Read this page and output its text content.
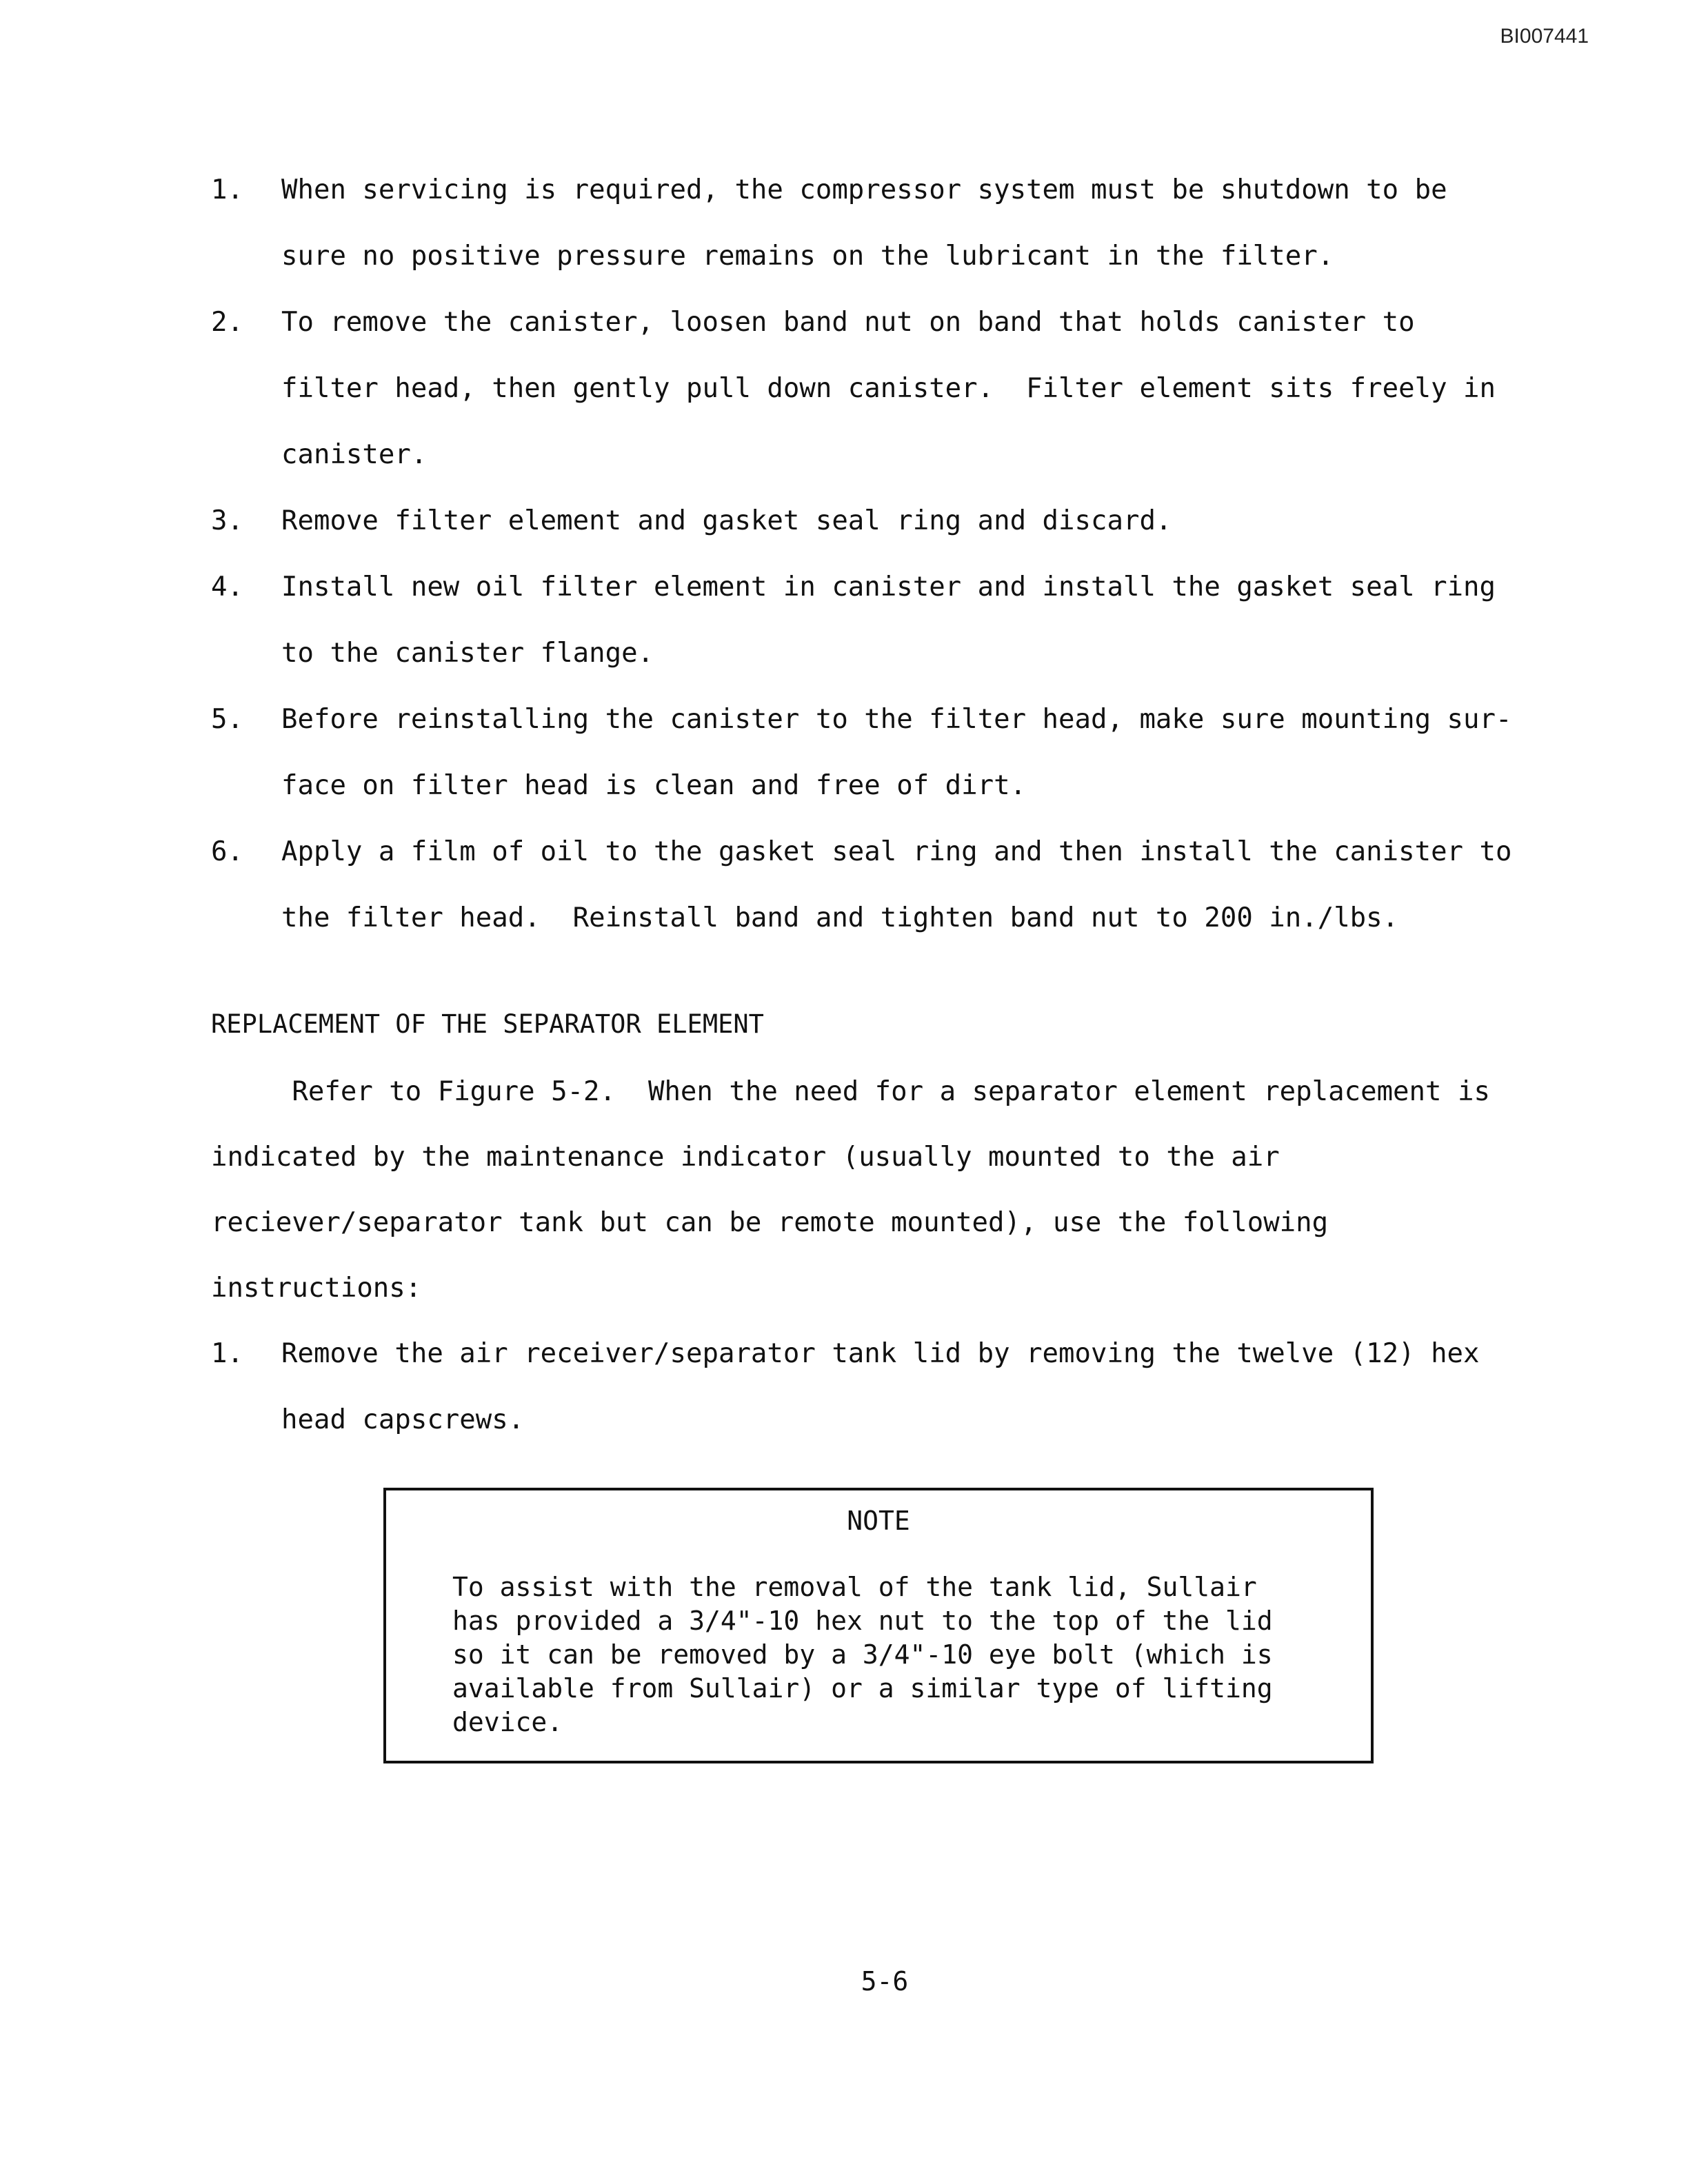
BI007441
1. When servicing is required, the compressor system must be shutdown to be
sure no positive pressure remains on the lubricant in the filter.
2. To remove the canister, loosen band nut on band that holds canister to
filter head, then gently pull down canister.  Filter element sits freely in
canister.
3. Remove filter element and gasket seal ring and discard.
4. Install new oil filter element in canister and install the gasket seal ring
to the canister flange.
5. Before reinstalling the canister to the filter head, make sure mounting sur-
face on filter head is clean and free of dirt.
6. Apply a film of oil to the gasket seal ring and then install the canister to
the filter head.  Reinstall band and tighten band nut to 200 in./lbs.
REPLACEMENT OF THE SEPARATOR ELEMENT
Refer to Figure 5-2.  When the need for a separator element replacement is
indicated by the maintenance indicator (usually mounted to the air
reciever/separator tank but can be remote mounted), use the following
instructions:
1. Remove the air receiver/separator tank lid by removing the twelve (12) hex
head capscrews.
NOTE
To assist with the removal of the tank lid, Sullair
has provided a 3/4"-10 hex nut to the top of the lid
so it can be removed by a 3/4"-10 eye bolt (which is
available from Sullair) or a similar type of lifting
device.
5-6
